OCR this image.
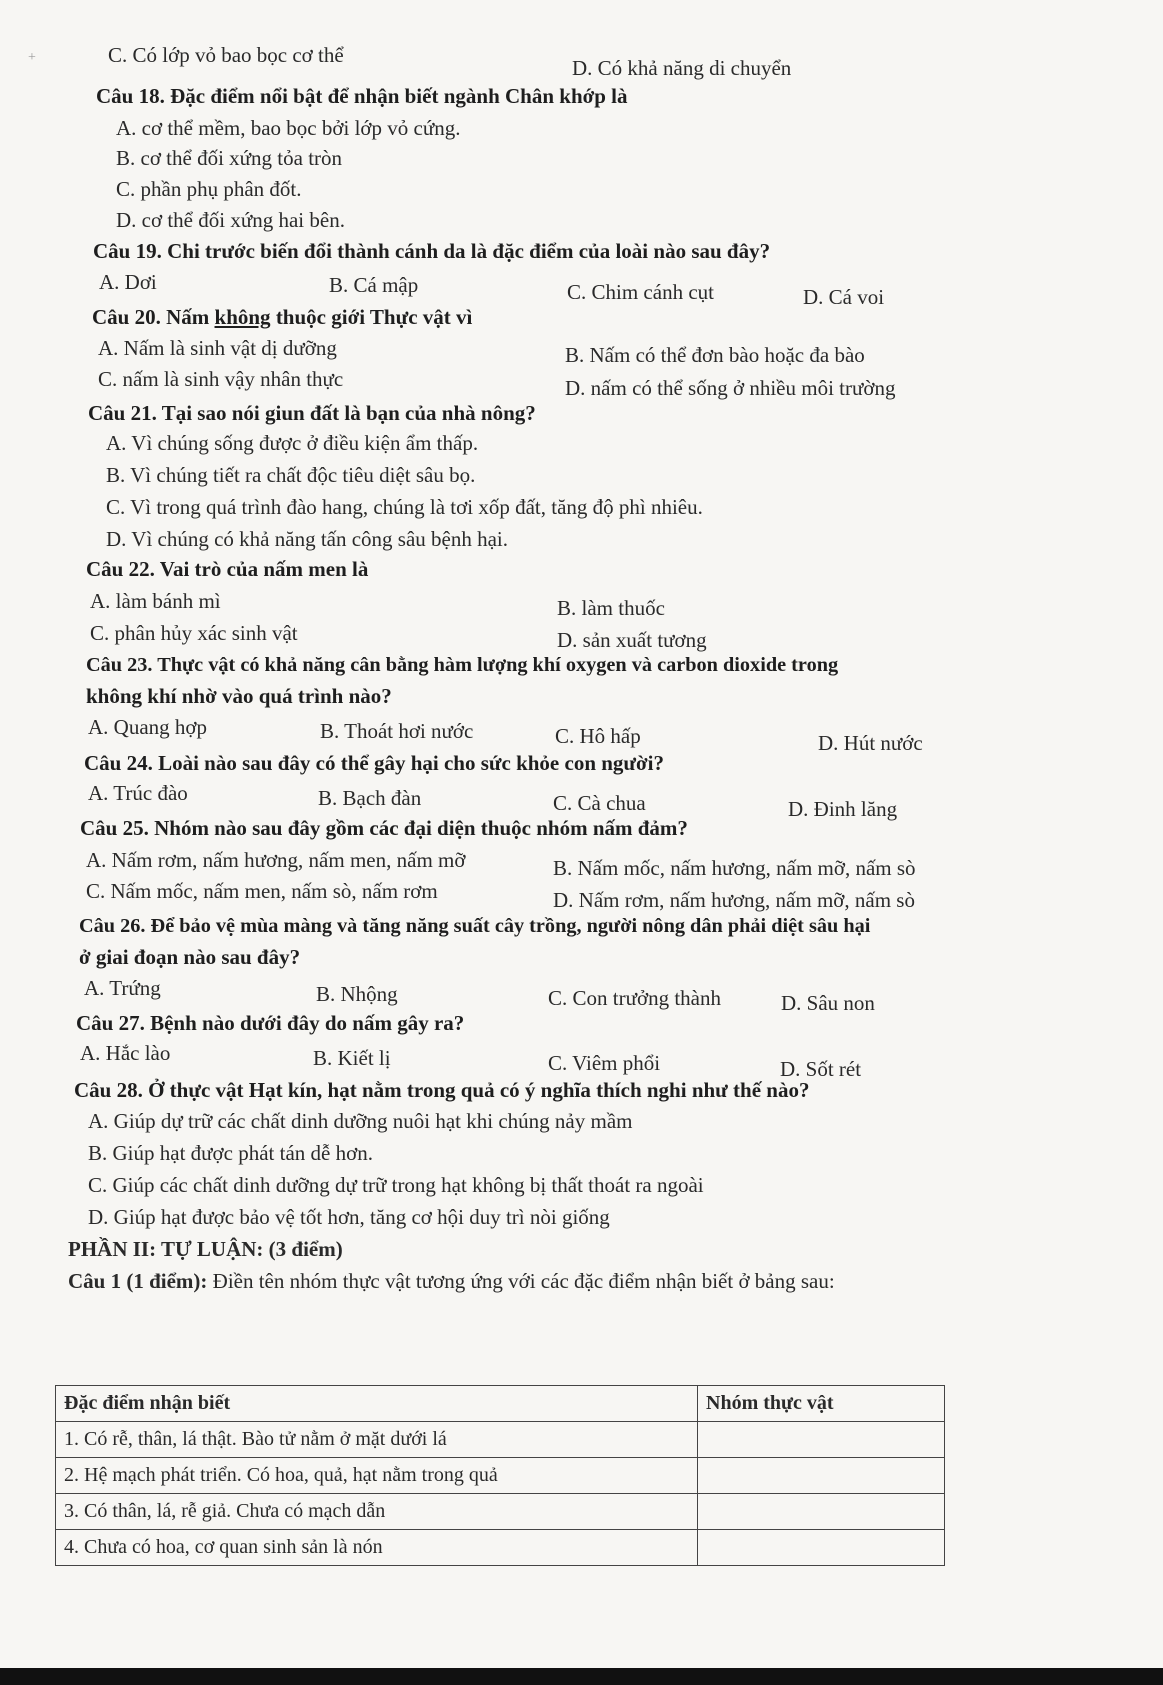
+	C. Có lớp vỏ bao bọc cơ thể
D. Có khả năng di chuyển
Câu 18. Đặc điểm nổi bật để nhận biết ngành Chân khớp là
A. cơ thể mềm, bao bọc bởi lớp vỏ cứng.
B. cơ thể đối xứng tỏa tròn
C. phần phụ phân đốt.
D. cơ thể đối xứng hai bên.
Câu 19. Chi trước biến đổi thành cánh da là đặc điểm của loài nào sau đây?
A. Dơi	B. Cá mập	C. Chim cánh cụt	D. Cá voi
Câu 20. Nấm không thuộc giới Thực vật vì
A. Nấm là sinh vật dị dưỡng	B. Nấm có thể đơn bào hoặc đa bào
C. nấm là sinh vậy nhân thực	D. nấm có thể sống ở nhiều môi trường
Câu 21. Tại sao nói giun đất là bạn của nhà nông?
A. Vì chúng sống được ở điều kiện ẩm thấp.
B. Vì chúng tiết ra chất độc tiêu diệt sâu bọ.
C. Vì trong quá trình đào hang, chúng là tơi xốp đất, tăng độ phì nhiêu.
D. Vì chúng có khả năng tấn công sâu bệnh hại.
Câu 22. Vai trò của nấm men là
A. làm bánh mì	B. làm thuốc
C. phân hủy xác sinh vật	D. sản xuất tương
Câu 23. Thực vật có khả năng cân bằng hàm lượng khí oxygen và carbon dioxide trong
không khí nhờ vào quá trình nào?
A. Quang hợp	B. Thoát hơi nước	C. Hô hấp	D. Hút nước
Câu 24. Loài nào sau đây có thể gây hại cho sức khỏe con người?
A. Trúc đào	B. Bạch đàn	C. Cà chua	D. Đinh lăng
Câu 25. Nhóm nào sau đây gồm các đại diện thuộc nhóm nấm đảm?
A. Nấm rơm, nấm hương, nấm men, nấm mỡ	B. Nấm mốc, nấm hương, nấm mỡ, nấm sò
C. Nấm mốc, nấm men, nấm sò, nấm rơm	D. Nấm rơm, nấm hương, nấm mỡ, nấm sò
Câu 26. Để bảo vệ mùa màng và tăng năng suất cây trồng, người nông dân phải diệt sâu hại
ở giai đoạn nào sau đây?
A. Trứng	B. Nhộng	C. Con trưởng thành	D. Sâu non
Câu 27. Bệnh nào dưới đây do nấm gây ra?
A. Hắc lào	B. Kiết lị	C. Viêm phổi	D. Sốt rét
Câu 28. Ở thực vật Hạt kín, hạt nằm trong quả có ý nghĩa thích nghi như thế nào?
A. Giúp dự trữ các chất dinh dưỡng nuôi hạt khi chúng nảy mầm
B. Giúp hạt được phát tán dễ hơn.
C. Giúp các chất dinh dưỡng dự trữ trong hạt không bị thất thoát ra ngoài
D. Giúp hạt được bảo vệ tốt hơn, tăng cơ hội duy trì nòi giống
PHẦN II: TỰ LUẬN: (3 điểm)
Câu 1 (1 điểm): Điền tên nhóm thực vật tương ứng với các đặc điểm nhận biết ở bảng sau:
Đặc điểm nhận biết	Nhóm thực vật
1. Có rễ, thân, lá thật. Bào tử nằm ở mặt dưới lá	
2. Hệ mạch phát triển. Có hoa, quả, hạt nằm trong quả	
3. Có thân, lá, rễ giả. Chưa có mạch dẫn	
4. Chưa có hoa, cơ quan sinh sản là nón	
